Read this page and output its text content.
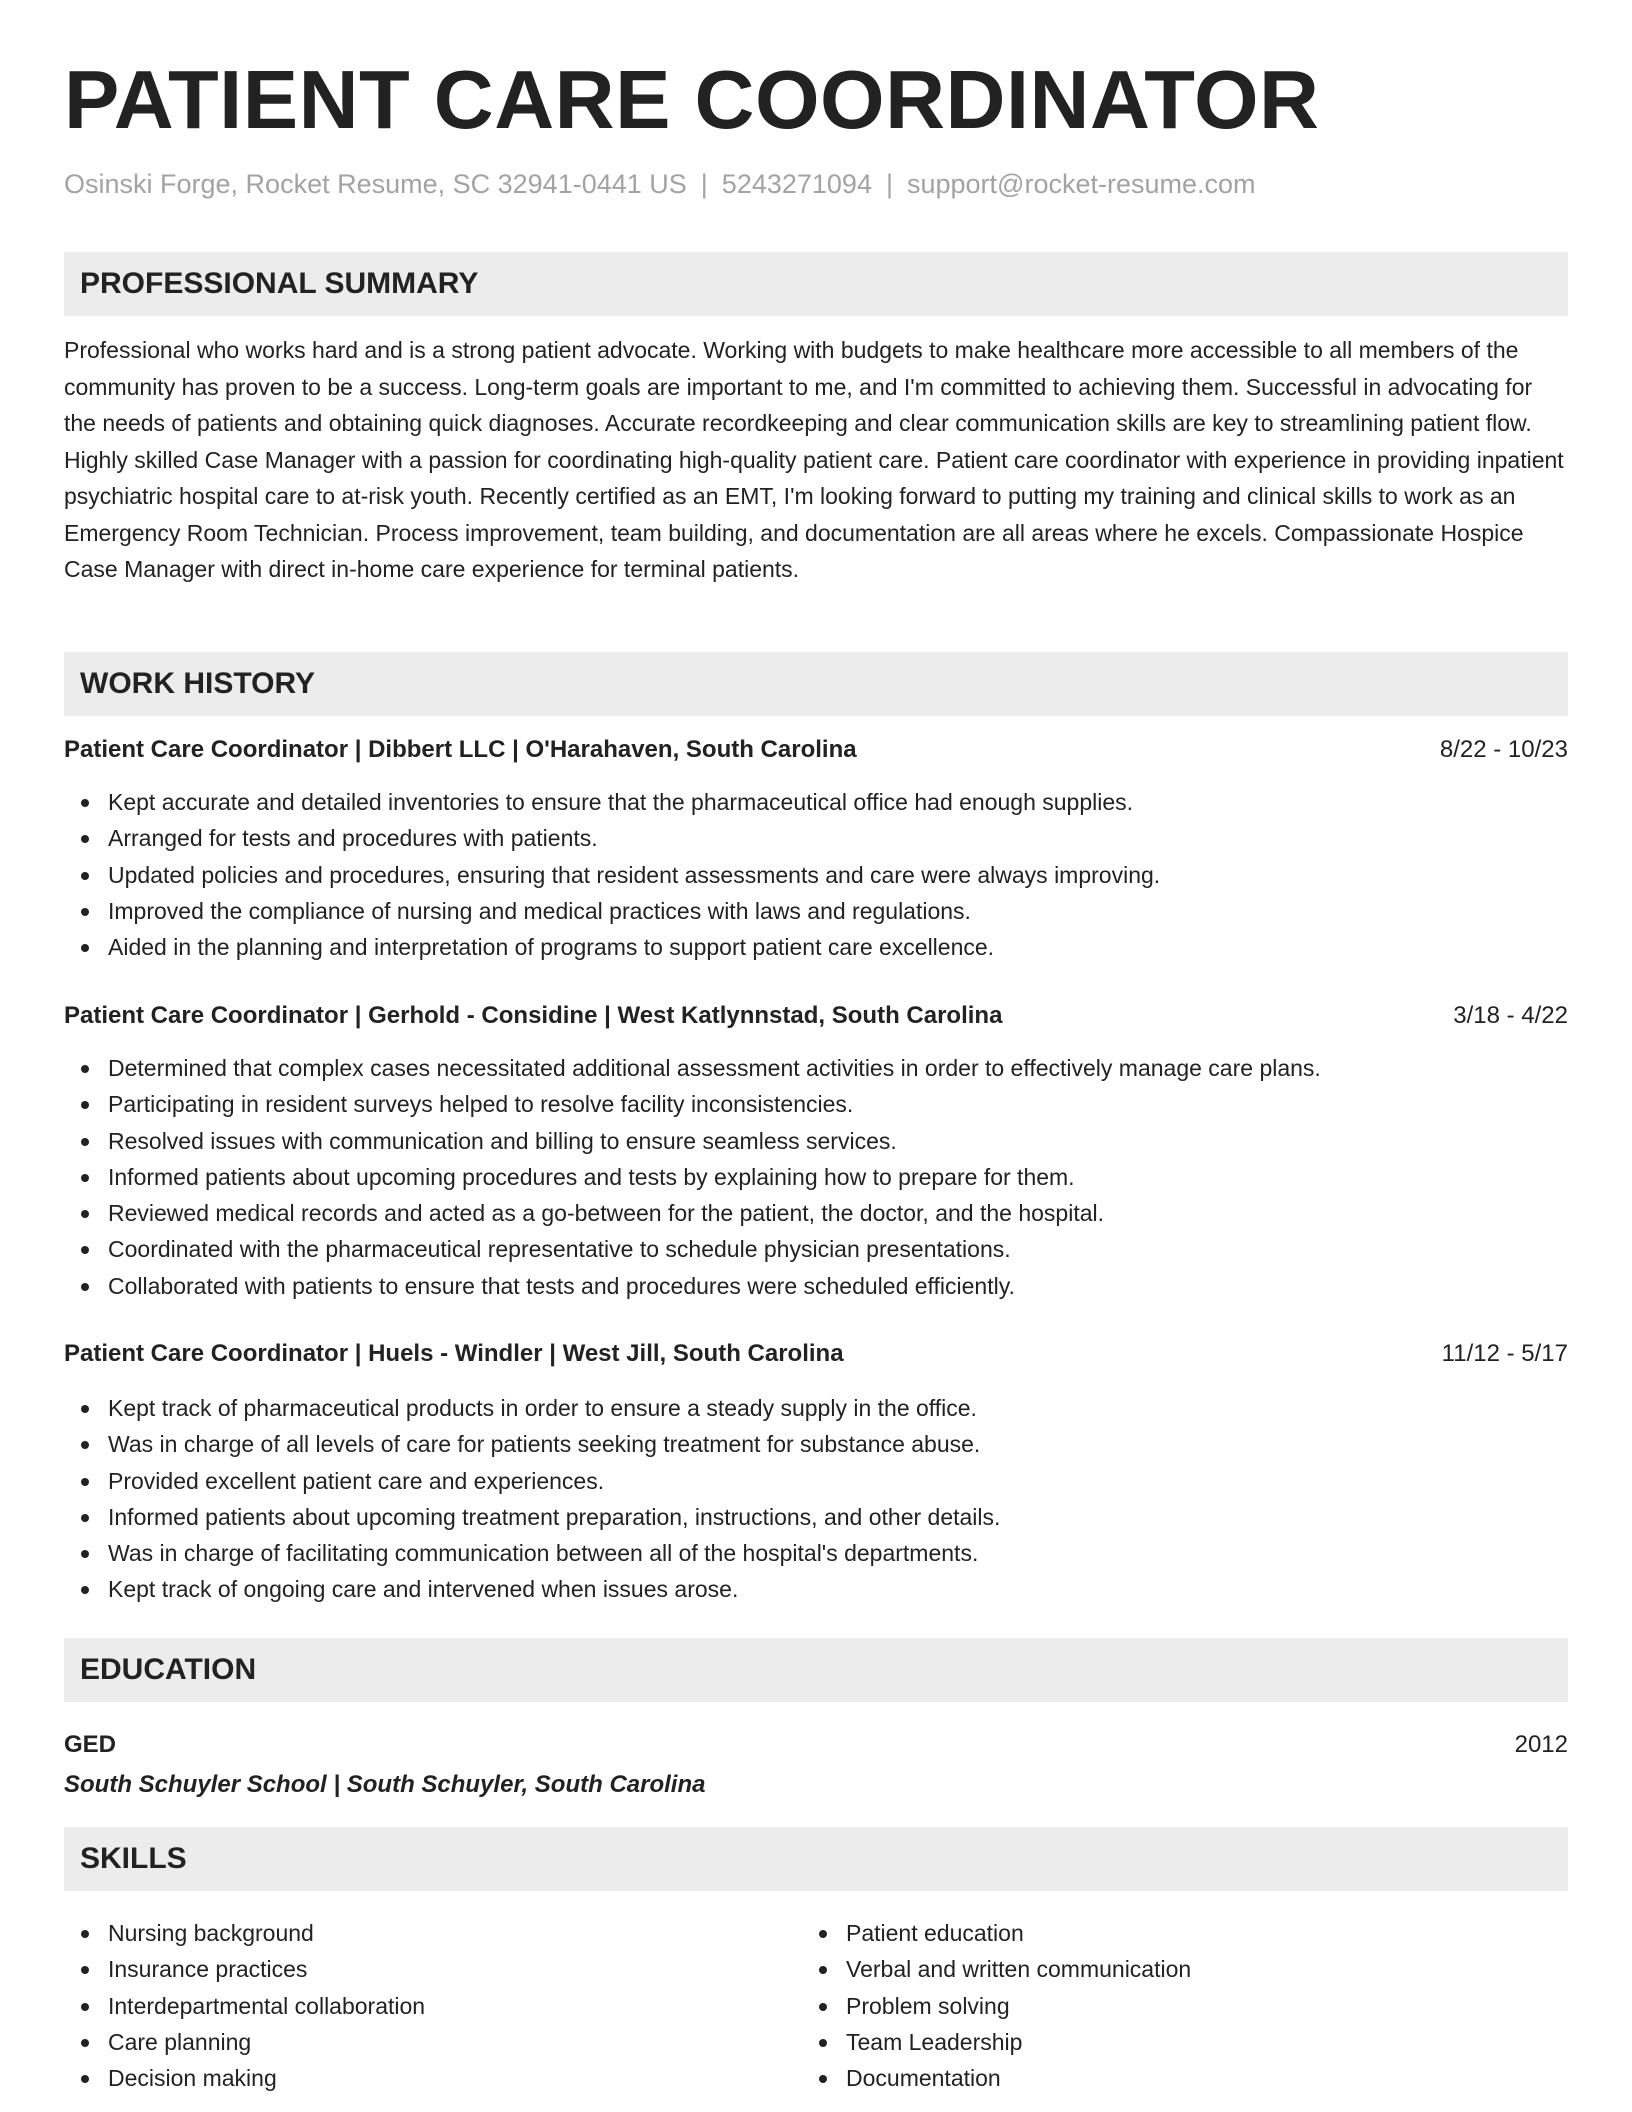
PATIENT CARE COORDINATOR
Osinski Forge, Rocket Resume, SC 32941-0441 US | 5243271094 | support@rocket-resume.com
PROFESSIONAL SUMMARY

Professional who works hard and is a strong patient advocate. Working with budgets to make healthcare more accessible to all members of the community has proven to be a success. Long-term goals are important to me, and I'm committed to achieving them. Successful in advocating for the needs of patients and obtaining quick diagnoses. Accurate recordkeeping and clear communication skills are key to streamlining patient flow. Highly skilled Case Manager with a passion for coordinating high-quality patient care. Patient care coordinator with experience in providing inpatient psychiatric hospital care to at-risk youth. Recently certified as an EMT, I'm looking forward to putting my training and clinical skills to work as an Emergency Room Technician. Process improvement, team building, and documentation are all areas where he excels. Compassionate Hospice Case Manager with direct in-home care experience for terminal patients.

WORK HISTORY
Patient Care Coordinator | Dibbert LLC | O'Harahaven, South Carolina	8/22 - 10/23
Kept accurate and detailed inventories to ensure that the pharmaceutical office had enough supplies.
Arranged for tests and procedures with patients.
Updated policies and procedures, ensuring that resident assessments and care were always improving.
Improved the compliance of nursing and medical practices with laws and regulations.
Aided in the planning and interpretation of programs to support patient care excellence.
Patient Care Coordinator | Gerhold - Considine | West Katlynnstad, South Carolina	3/18 - 4/22
Determined that complex cases necessitated additional assessment activities in order to effectively manage care plans.
Participating in resident surveys helped to resolve facility inconsistencies.
Resolved issues with communication and billing to ensure seamless services.
Informed patients about upcoming procedures and tests by explaining how to prepare for them.
Reviewed medical records and acted as a go-between for the patient, the doctor, and the hospital.
Coordinated with the pharmaceutical representative to schedule physician presentations.
Collaborated with patients to ensure that tests and procedures were scheduled efficiently.
Patient Care Coordinator | Huels - Windler | West Jill, South Carolina	11/12 - 5/17
Kept track of pharmaceutical products in order to ensure a steady supply in the office.
Was in charge of all levels of care for patients seeking treatment for substance abuse.
Provided excellent patient care and experiences.
Informed patients about upcoming treatment preparation, instructions, and other details.
Was in charge of facilitating communication between all of the hospital's departments.
Kept track of ongoing care and intervened when issues arose.
EDUCATION
GED	2012
South Schuyler School | South Schuyler, South Carolina
SKILLS
Nursing background
Insurance practices
Interdepartmental collaboration
Care planning
Decision making
Patient education
Verbal and written communication
Problem solving
Team Leadership
Documentation
